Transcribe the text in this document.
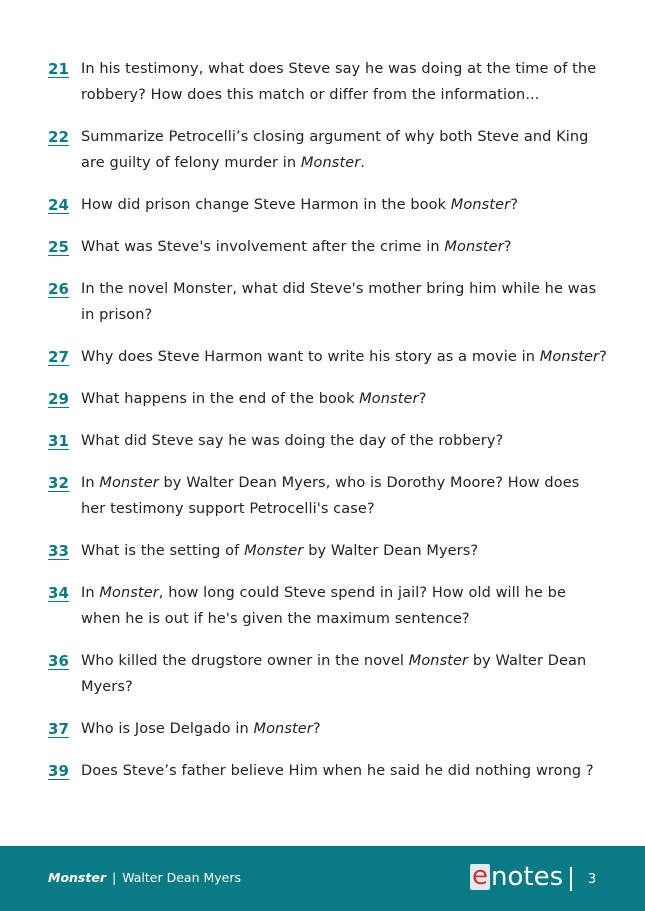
21 In his testimony, what does Steve say he was doing at the time of the robbery? How does this match or differ from the information...
22 Summarize Petrocelli’s closing argument of why both Steve and King are guilty of felony murder in Monster.
24 How did prison change Steve Harmon in the book Monster?
25 What was Steve's involvement after the crime in Monster?
26 In the novel Monster, what did Steve's mother bring him while he was in prison?
27 Why does Steve Harmon want to write his story as a movie in Monster?
29 What happens in the end of the book Monster?
31 What did Steve say he was doing the day of the robbery?
32 In Monster by Walter Dean Myers, who is Dorothy Moore? How does her testimony support Petrocelli's case?
33 What is the setting of Monster by Walter Dean Myers?
34 In Monster, how long could Steve spend in jail? How old will he be when he is out if he's given the maximum sentence?
36 Who killed the drugstore owner in the novel Monster by Walter Dean Myers?
37 Who is Jose Delgado in Monster?
39 Does Steve’s father believe Him when he said he did nothing wrong ?
Monster | Walter Dean Myers	e notes 3
